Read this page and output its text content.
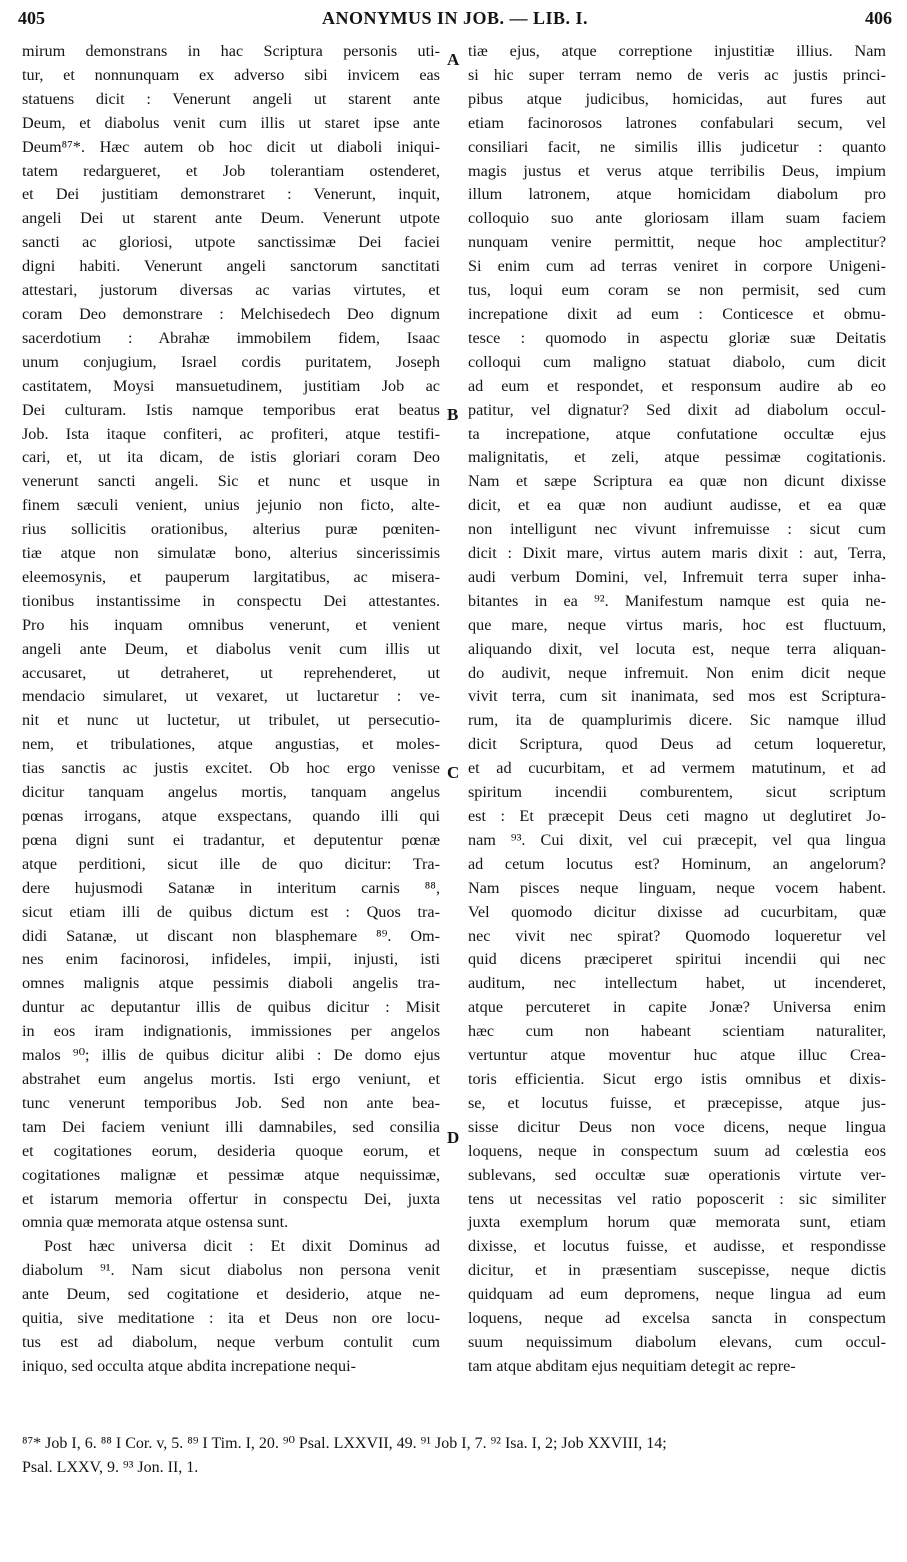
405	ANONYMUS IN JOB. — LIB. I.	406
mirum demonstrans in hac Scriptura personis uti-
tur, et nonnunquam ex adverso sibi invicem eas
statuens dicit : Venerunt angeli ut starent ante
Deum, et diabolus venit cum illis ut staret ipse ante
Deum⁸⁷*. Hæc autem ob hoc dicit ut diaboli iniqui-
tatem redargueret, et Job tolerantiam ostenderet,
et Dei justitiam demonstraret : Venerunt, inquit,
angeli Dei ut starent ante Deum. Venerunt utpote
sancti ac gloriosi, utpote sanctissimæ Dei faciei
digni habiti. Venerunt angeli sanctorum sanctitati
attestari, justorum diversas ac varias virtutes, et
coram Deo demonstrare : Melchisedech Deo dignum
sacerdotium : Abrahæ immobilem fidem, Isaac
unum conjugium, Israel cordis puritatem, Joseph
castitatem, Moysi mansuetudinem, justitiam Job ac
Dei culturam. Istis namque temporibus erat beatus
Job. Ista itaque confiteri, ac profiteri, atque testifi-
cari, et, ut ita dicam, de istis gloriari coram Deo
venerunt sancti angeli. Sic et nunc et usque in
finem sæculi venient, unius jejunio non ficto, alte-
rius sollicitis orationibus, alterius puræ pœniten-
tiæ atque non simulatæ bono, alterius sincerissimis
eleemosynis, et pauperum largitatibus, ac misera-
tionibus instantissime in conspectu Dei attestantes.
Pro his inquam omnibus venerunt, et venient
angeli ante Deum, et diabolus venit cum illis ut
accusaret, ut detraheret, ut reprehenderet, ut
mendacio simularet, ut vexaret, ut luctaretur : ve-
nit et nunc ut luctetur, ut tribulet, ut persecutio-
nem, et tribulationes, atque angustias, et moles-
tias sanctis ac justis excitet. Ob hoc ergo venisse
dicitur tanquam angelus mortis, tanquam angelus
pœnas irrogans, atque exspectans, quando illi qui
pœna digni sunt ei tradantur, et deputentur pœnæ
atque perditioni, sicut ille de quo dicitur: Tra-
dere hujusmodi Satanæ in interitum carnis ⁸⁸,
sicut etiam illi de quibus dictum est : Quos tra-
didi Satanæ, ut discant non blasphemare ⁸⁹. Om-
nes enim facinorosi, infideles, impii, injusti, isti
omnes malignis atque pessimis diaboli angelis tra-
duntur ac deputantur illis de quibus dicitur : Misit
in eos iram indignationis, immissiones per angelos
malos ⁹⁰; illis de quibus dicitur alibi : De domo ejus
abstrahet eum angelus mortis. Isti ergo veniunt, et
tunc venerunt temporibus Job. Sed non ante bea-
tam Dei faciem veniunt illi damnabiles, sed consilia
et cogitationes eorum, desideria quoque eorum, et
cogitationes malignæ et pessimæ atque nequissimæ,
et istarum memoria offertur in conspectu Dei, juxta
omnia quæ memorata atque ostensa sunt.
Post hæc universa dicit : Et dixit Dominus ad
diabolum ⁹¹. Nam sicut diabolus non persona venit
ante Deum, sed cogitatione et desiderio, atque ne-
quitia, sive meditatione : ita et Deus non ore locu-
tus est ad diabolum, neque verbum contulit cum
iniquo, sed occulta atque abdita increpatione nequi-
tiæ ejus, atque correptione injustitiæ illius. Nam
si hic super terram nemo de veris ac justis princi-
pibus atque judicibus, homicidas, aut fures aut
etiam facinorosos latrones confabulari secum, vel
consiliari facit, ne similis illis judicetur : quanto
magis justus et verus atque terribilis Deus, impium
illum latronem, atque homicidam diabolum pro
colloquio suo ante gloriosam illam suam faciem
nunquam venire permittit, neque hoc amplectitur?
Si enim cum ad terras veniret in corpore Unigeni-
tus, loqui eum coram se non permisit, sed cum
increpatione dixit ad eum : Conticesce et obmu-
tesce : quomodo in aspectu gloriæ suæ Deitatis
colloqui cum maligno statuat diabolo, cum dicit
ad eum et respondet, et responsum audire ab eo
patitur, vel dignatur? Sed dixit ad diabolum occul-
ta increpatione, atque confutatione occultæ ejus
malignitatis, et zeli, atque pessimæ cogitationis.
Nam et sæpe Scriptura ea quæ non dicunt dixisse
dicit, et ea quæ non audiunt audisse, et ea quæ
non intelligunt nec vivunt infremuisse : sicut cum
dicit : Dixit mare, virtus autem maris dixit : aut, Terra,
audi verbum Domini, vel, Infremuit terra super inha-
bitantes in ea ⁹². Manifestum namque est quia ne-
que mare, neque virtus maris, hoc est fluctuum,
aliquando dixit, vel locuta est, neque terra aliquan-
do audivit, neque infremuit. Non enim dicit neque
vivit terra, cum sit inanimata, sed mos est Scriptura-
rum, ita de quamplurimis dicere. Sic namque illud
dicit Scriptura, quod Deus ad cetum loqueretur,
et ad cucurbitam, et ad vermem matutinum, et ad
spiritum incendii comburentem, sicut scriptum
est : Et præcepit Deus ceti magno ut deglutiret Jo-
nam ⁹³. Cui dixit, vel cui præcepit, vel qua lingua
ad cetum locutus est? Hominum, an angelorum?
Nam pisces neque linguam, neque vocem habent.
Vel quomodo dicitur dixisse ad cucurbitam, quæ
nec vivit nec spirat? Quomodo loqueretur vel
quid dicens præciperet spiritui incendii qui nec
auditum, nec intellectum habet, ut incenderet,
atque percuteret in capite Jonæ? Universa enim
hæc cum non habeant scientiam naturaliter,
vertuntur atque moventur huc atque illuc Crea-
toris efficientia. Sicut ergo istis omnibus et dixis-
se, et locutus fuisse, et præcepisse, atque jus-
sisse dicitur Deus non voce dicens, neque lingua
loquens, neque in conspectum suum ad cœlestia eos
sublevans, sed occultæ suæ operationis virtute ver-
tens ut necessitas vel ratio poposcerit : sic similiter
juxta exemplum horum quæ memorata sunt, etiam
dixisse, et locutus fuisse, et audisse, et respondisse
dicitur, et in præsentiam suscepisse, neque dictis
quidquam ad eum depromens, neque lingua ad eum
loquens, neque ad excelsa sancta in conspectum
suum nequissimum diabolum elevans, cum occul-
tam atque abditam ejus nequitiam detegit ac repre-
A
B
C
D
⁸⁷* Job I, 6. ⁸⁸ I Cor. v, 5. ⁸⁹ I Tim. I, 20. ⁹⁰ Psal. LXXVII, 49. ⁹¹ Job I, 7. ⁹² Isa. I, 2; Job XXVIII, 14;
Psal. LXXV, 9. ⁹³ Jon. II, 1.
